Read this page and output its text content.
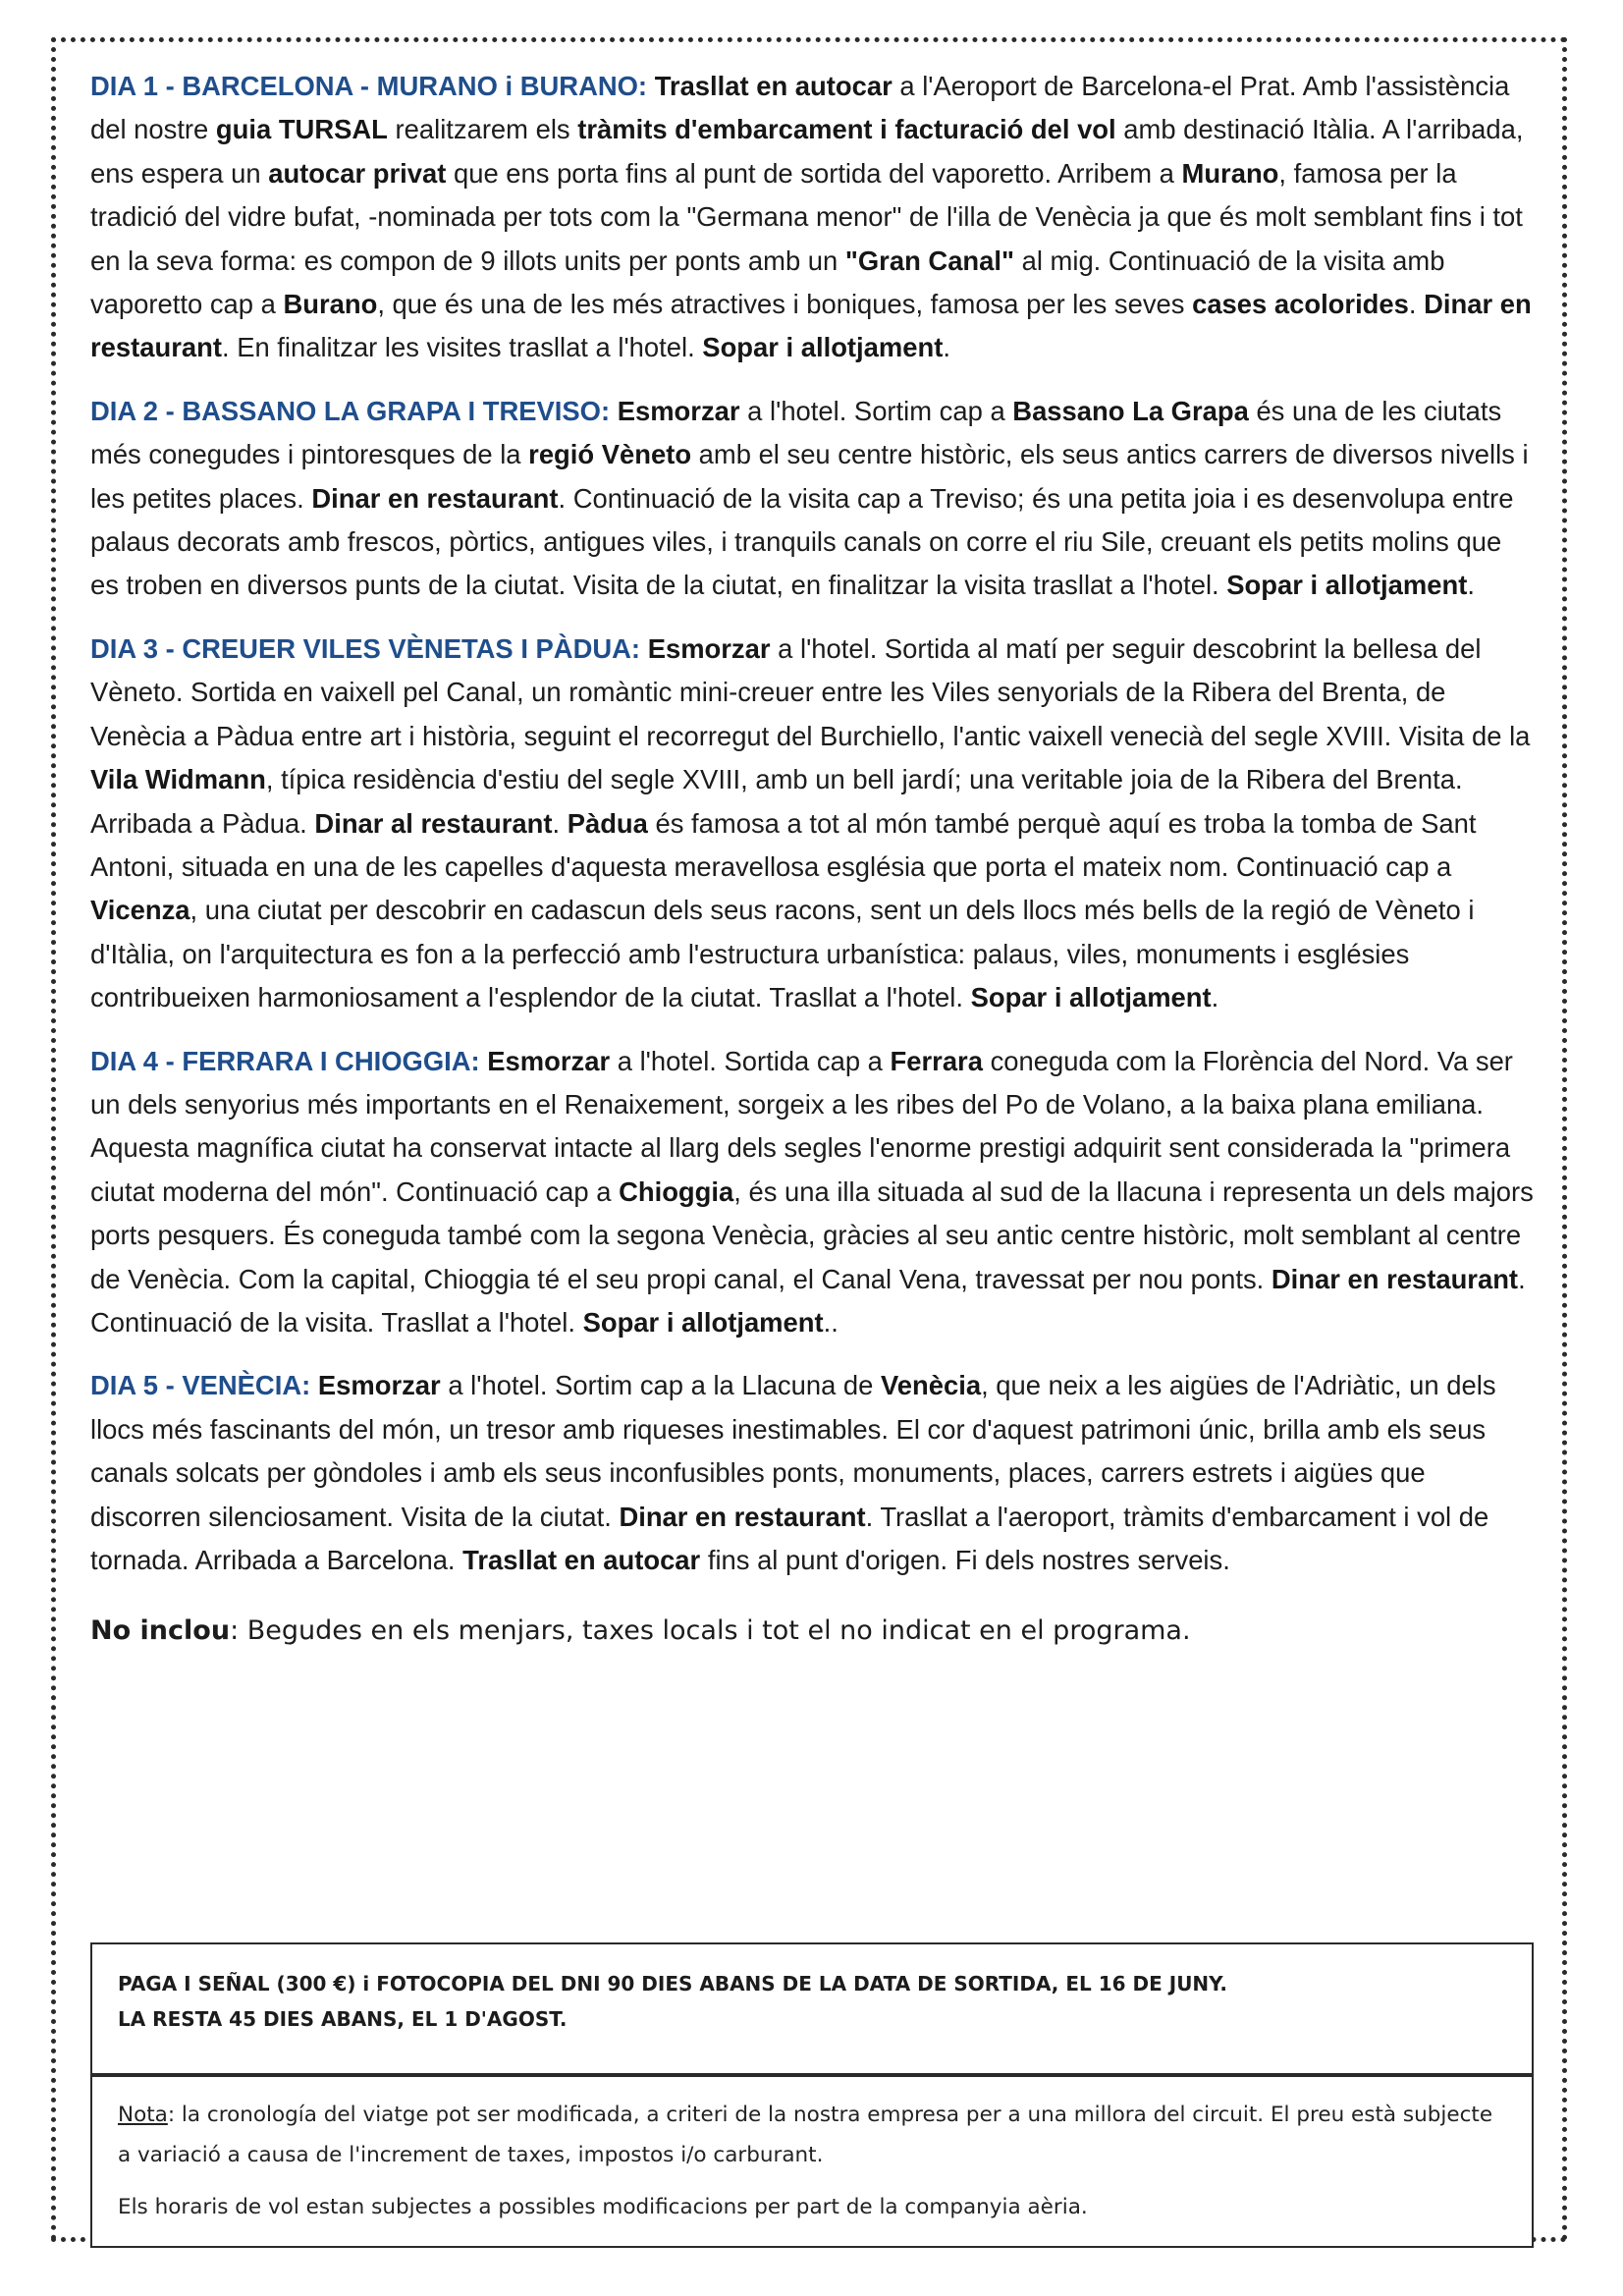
DIA 1 - BARCELONA - MURANO i BURANO: Trasllat en autocar a l'Aeroport de Barcelona-el Prat. Amb l'assistència del nostre guia TURSAL realitzarem els tràmits d'embarcament i facturació del vol amb destinació Itàlia. A l'arribada, ens espera un autocar privat que ens porta fins al punt de sortida del vaporetto. Arribem a Murano, famosa per la tradició del vidre bufat, -nominada per tots com la "Germana menor" de l'illa de Venècia ja que és molt semblant fins i tot en la seva forma: es compon de 9 illots units per ponts amb un "Gran Canal" al mig. Continuació de la visita amb vaporetto cap a Burano, que és una de les més atractives i boniques, famosa per les seves cases acolorides. Dinar en restaurant. En finalitzar les visites trasllat a l'hotel. Sopar i allotjament.

DIA 2 - BASSANO LA GRAPA I TREVISO: Esmorzar a l'hotel. Sortim cap a Bassano La Grapa és una de les ciutats més conegudes i pintoresques de la regió Vèneto amb el seu centre històric, els seus antics carrers de diversos nivells i les petites places. Dinar en restaurant. Continuació de la visita cap a Treviso; és una petita joia i es desenvolupa entre palaus decorats amb frescos, pòrtics, antigues viles, i tranquils canals on corre el riu Sile, creuant els petits molins que es troben en diversos punts de la ciutat. Visita de la ciutat, en finalitzar la visita trasllat a l'hotel. Sopar i allotjament.

DIA 3 - CREUER VILES VÈNETAS I PÀDUA: Esmorzar a l'hotel. Sortida al matí per seguir descobrint la bellesa del Vèneto. Sortida en vaixell pel Canal, un romàntic mini-creuer entre les Viles senyorials de la Ribera del Brenta, de Venècia a Pàdua entre art i història, seguint el recorregut del Burchiello, l'antic vaixell venecià del segle XVIII. Visita de la Vila Widmann, típica residència d'estiu del segle XVIII, amb un bell jardí; una veritable joia de la Ribera del Brenta. Arribada a Pàdua. Dinar al restaurant. Pàdua és famosa a tot al món també perquè aquí es troba la tomba de Sant Antoni, situada en una de les capelles d'aquesta meravellosa església que porta el mateix nom. Continuació cap a Vicenza, una ciutat per descobrir en cadascun dels seus racons, sent un dels llocs més bells de la regió de Vèneto i d'Itàlia, on l'arquitectura es fon a la perfecció amb l'estructura urbanística: palaus, viles, monuments i esglésies contribueixen harmoniosament a l'esplendor de la ciutat. Trasllat a l'hotel. Sopar i allotjament.

DIA 4 - FERRARA I CHIOGGIA: Esmorzar a l'hotel. Sortida cap a Ferrara coneguda com la Florència del Nord. Va ser un dels senyorius més importants en el Renaixement, sorgeix a les ribes del Po de Volano, a la baixa plana emiliana. Aquesta magnífica ciutat ha conservat intacte al llarg dels segles l'enorme prestigi adquirit sent considerada la "primera ciutat moderna del món". Continuació cap a Chioggia, és una illa situada al sud de la llacuna i representa un dels majors ports pesquers. És coneguda també com la segona Venècia, gràcies al seu antic centre històric, molt semblant al centre de Venècia. Com la capital, Chioggia té el seu propi canal, el Canal Vena, travessat per nou ponts. Dinar en restaurant. Continuació de la visita. Trasllat a l'hotel. Sopar i allotjament..

DIA 5 - VENÈCIA: Esmorzar a l'hotel. Sortim cap a la Llacuna de Venècia, que neix a les aigües de l'Adriàtic, un dels llocs més fascinants del món, un tresor amb riqueses inestimables. El cor d'aquest patrimoni únic, brilla amb els seus canals solcats per gòndoles i amb els seus inconfusibles ponts, monuments, places, carrers estrets i aigües que discorren silenciosament. Visita de la ciutat. Dinar en restaurant. Trasllat a l'aeroport, tràmits d'embarcament i vol de tornada. Arribada a Barcelona. Trasllat en autocar fins al punt d'origen. Fi dels nostres serveis.

No inclou: Begudes en els menjars, taxes locals i tot el no indicat en el programa.

PAGA I SEÑAL (300 €) i FOTOCOPIA DEL DNI 90 DIES ABANS DE LA DATA DE SORTIDA, EL 16 DE JUNY.

LA RESTA 45 DIES ABANS, EL 1 D'AGOST.

Nota: la cronología del viatge pot ser modificada, a criteri de la nostra empresa per a una millora del circuit. El preu està subjecte a variació a causa de l'increment de taxes, impostos i/o carburant.

Els horaris de vol estan subjectes a possibles modificacions per part de la companyia aèria.
